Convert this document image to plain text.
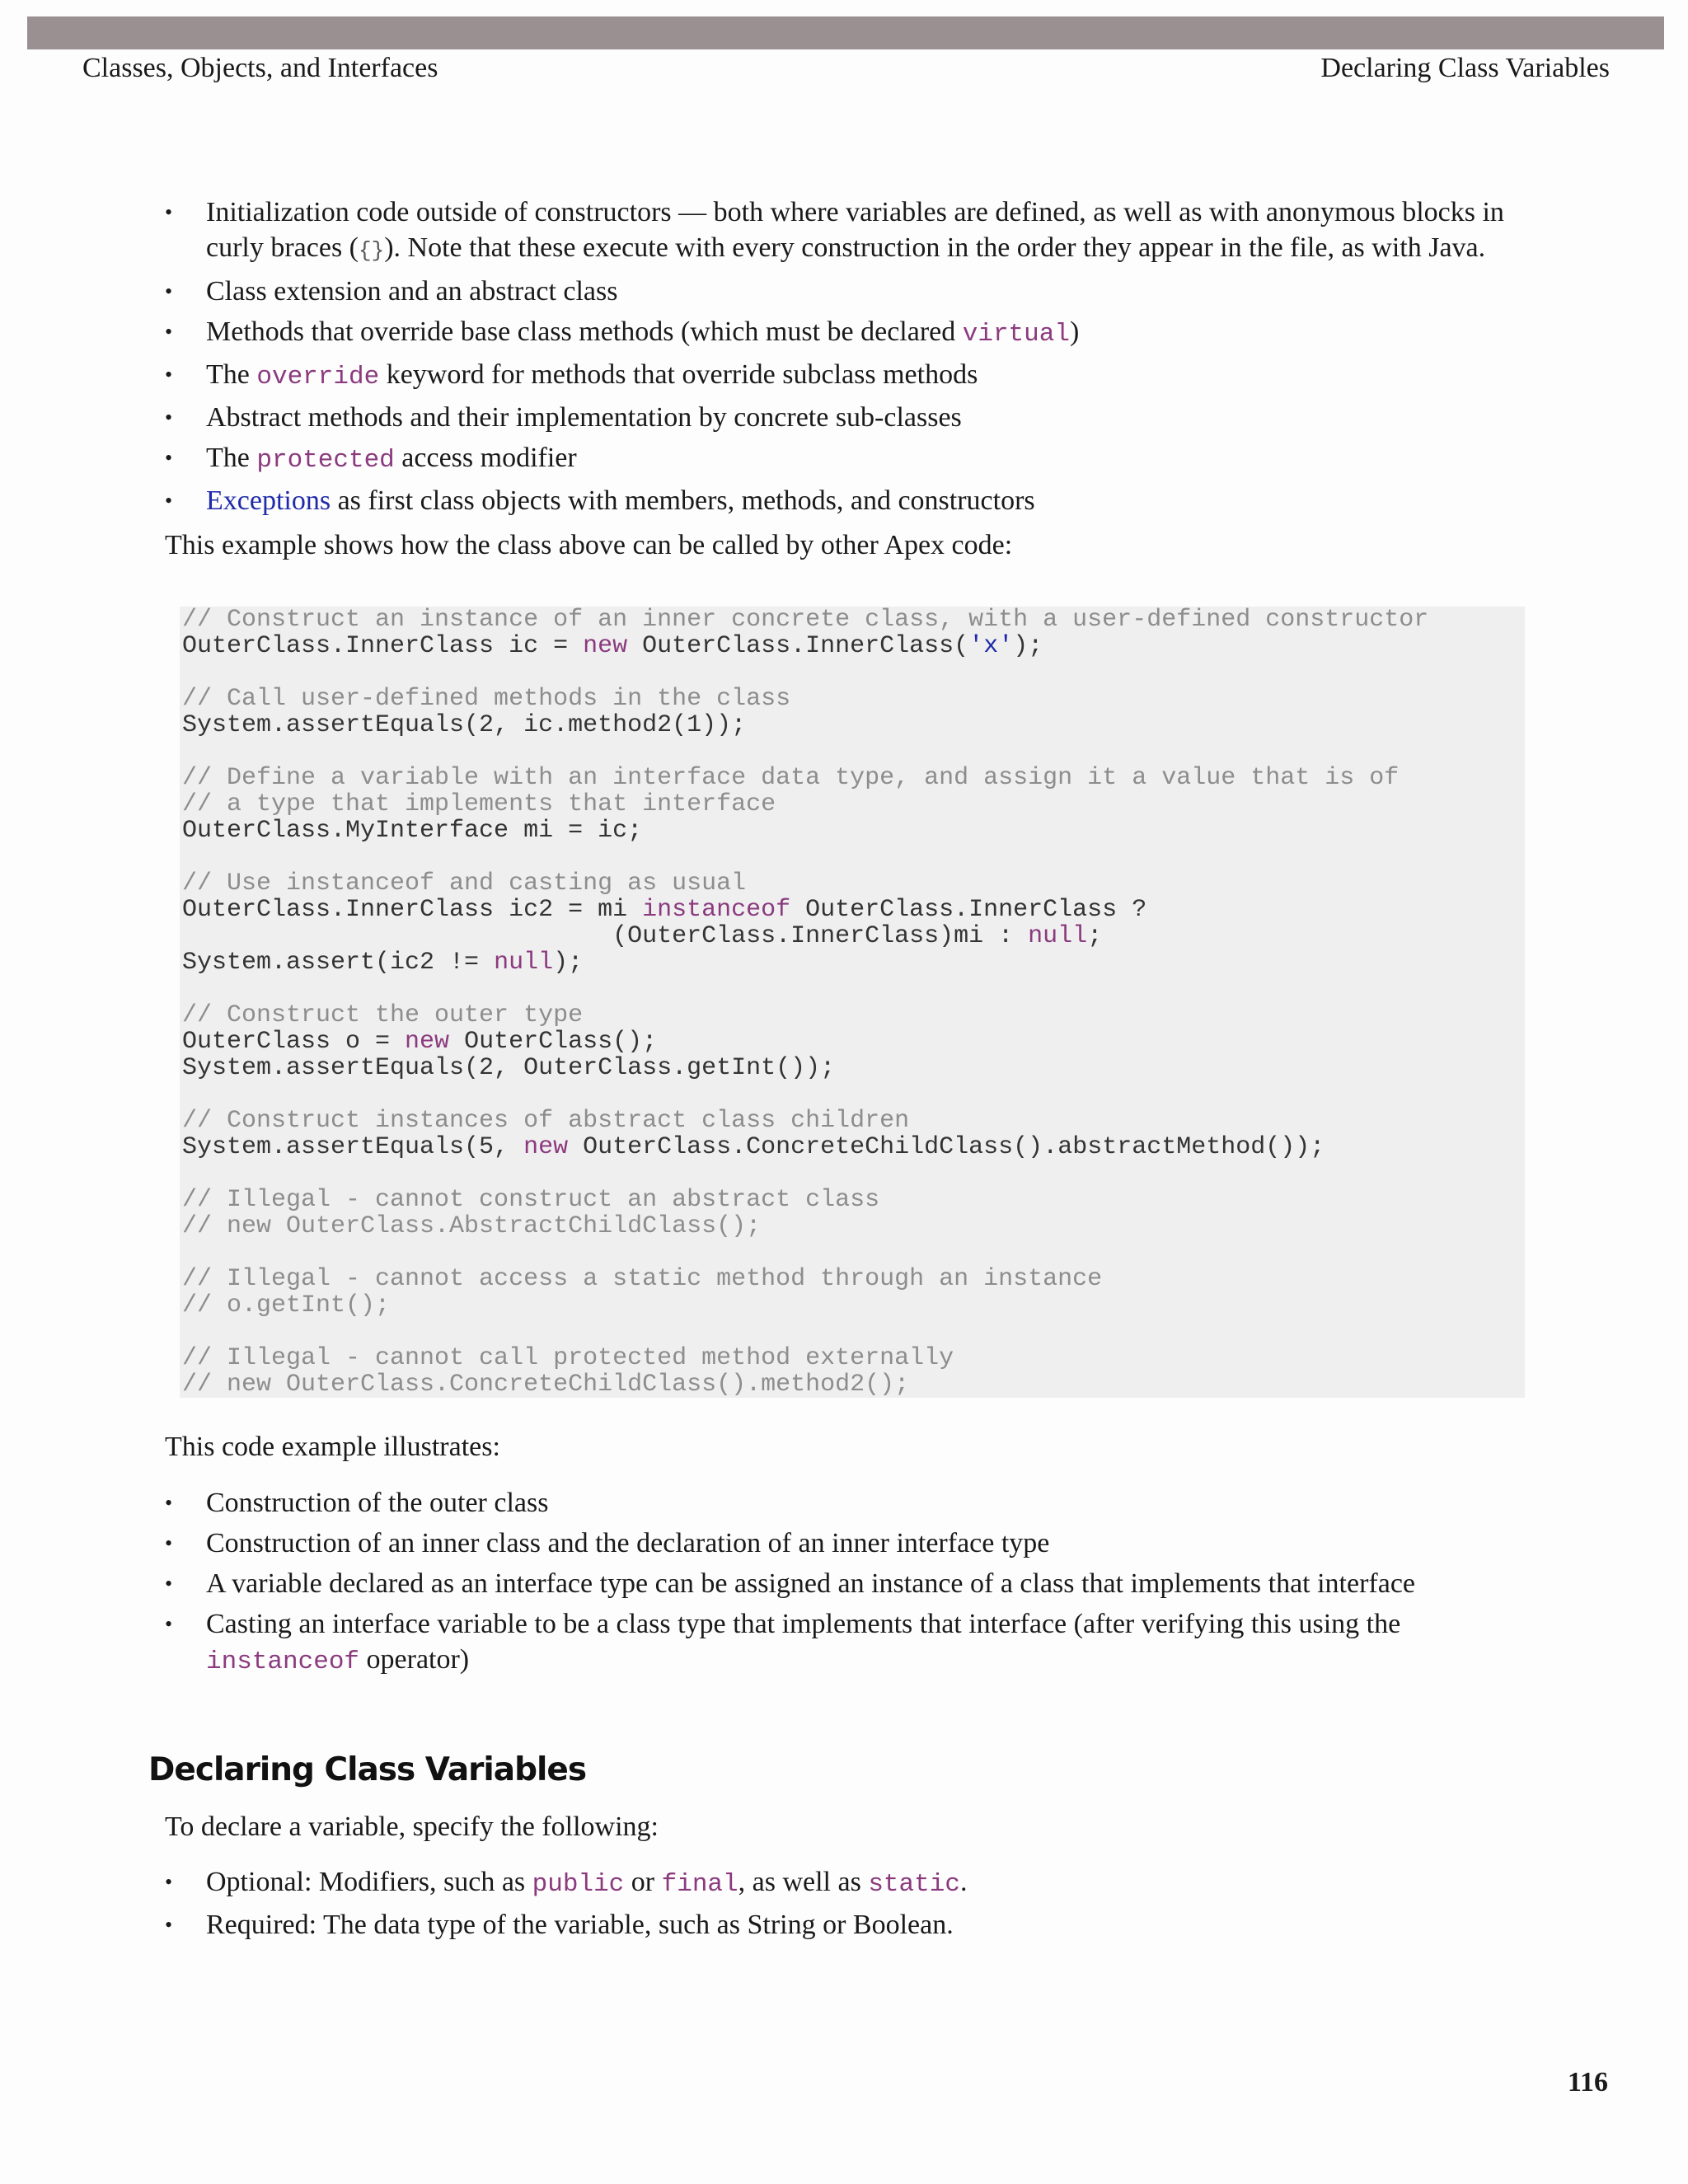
Classes, Objects, and Interfaces	Declaring Class Variables
• Initialization code outside of constructors — both where variables are defined, as well as with anonymous blocks in curly braces ({}). Note that these execute with every construction in the order they appear in the file, as with Java.
• Class extension and an abstract class
• Methods that override base class methods (which must be declared virtual)
• The override keyword for methods that override subclass methods
• Abstract methods and their implementation by concrete sub-classes
• The protected access modifier
• Exceptions as first class objects with members, methods, and constructors
This example shows how the class above can be called by other Apex code:
// Construct an instance of an inner concrete class, with a user-defined constructor
OuterClass.InnerClass ic = new OuterClass.InnerClass('x');
// Call user-defined methods in the class
System.assertEquals(2, ic.method2(1));
// Define a variable with an interface data type, and assign it a value that is of
// a type that implements that interface
OuterClass.MyInterface mi = ic;
// Use instanceof and casting as usual
OuterClass.InnerClass ic2 = mi instanceof OuterClass.InnerClass ?
(OuterClass.InnerClass)mi : null;
System.assert(ic2 != null);
// Construct the outer type
OuterClass o = new OuterClass();
System.assertEquals(2, OuterClass.getInt());
// Construct instances of abstract class children
System.assertEquals(5, new OuterClass.ConcreteChildClass().abstractMethod());
// Illegal - cannot construct an abstract class
// new OuterClass.AbstractChildClass();
// Illegal - cannot access a static method through an instance
// o.getInt();
// Illegal - cannot call protected method externally
// new OuterClass.ConcreteChildClass().method2();
This code example illustrates:
• Construction of the outer class
• Construction of an inner class and the declaration of an inner interface type
• A variable declared as an interface type can be assigned an instance of a class that implements that interface
• Casting an interface variable to be a class type that implements that interface (after verifying this using the instanceof operator)
Declaring Class Variables
To declare a variable, specify the following:
• Optional: Modifiers, such as public or final, as well as static.
• Required: The data type of the variable, such as String or Boolean.
116
